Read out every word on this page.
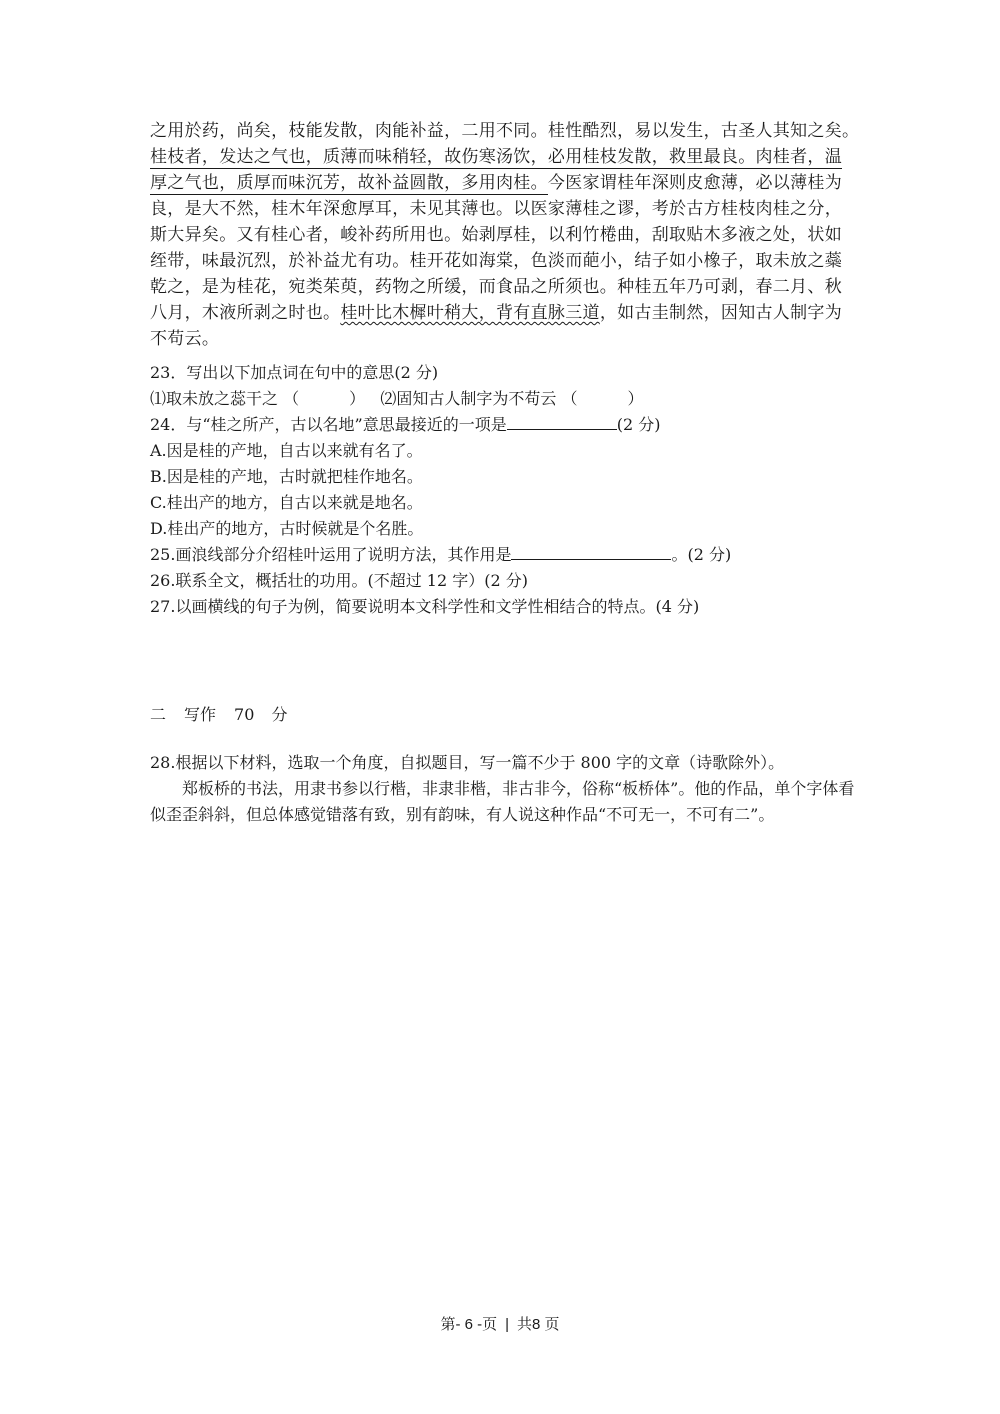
之用於药，尚矣，枝能发散，肉能补益，二用不同。桂性酷烈，易以发生，古圣人其知之矣。
桂枝者，发达之气也，质薄而味稍轻，故伤寒汤饮，必用桂枝发散，救里最良。肉桂者，温
厚之气也，质厚而味沉芳，故补益圆散，多用肉桂。今医家谓桂年深则皮愈薄，必以薄桂为
良，是大不然，桂木年深愈厚耳，未见其薄也。以医家薄桂之谬，考於古方桂枝肉桂之分，
斯大异矣。又有桂心者，峻补药所用也。始剥厚桂，以利竹棬曲，刮取贴木多液之处，状如
绖带，味最沉烈，於补益尤有功。桂开花如海棠，色淡而葩小，结子如小橡子，取未放之蘂
乾之，是为桂花，宛类茱萸，药物之所缓，而食品之所须也。种桂五年乃可剥，春二月、秋
八月，木液所剥之时也。桂叶比木樨叶稍大，背有直脉三道，如古圭制然，因知古人制字为
不苟云。
23．写出以下加点词在句中的意思(2 分)
⑴取未放之蕊干之 （	） ⑵固知古人制字为不苟云 （	）
24．与“桂之所产，古以名地”意思最接近的一项是	(2 分)
A.因是桂的产地，自古以来就有名了。
B.因是桂的产地，古时就把桂作地名。
C.桂出产的地方，自古以来就是地名。
D.桂出产的地方，古时候就是个名胜。
25.画浪线部分介绍桂叶运用了说明方法，其作用是	。(2 分)
26.联系全文，概括壮的功用。(不超过 12 字）(2 分)
27.以画横线的句子为例，简要说明本文科学性和文学性相结合的特点。(4 分)
二 写作 70 分
28.根据以下材料，选取一个角度，自拟题目，写一篇不少于 800 字的文章（诗歌除外）。
郑板桥的书法，用隶书参以行楷，非隶非楷，非古非今，俗称“板桥体”。他的作品，单个字体看似歪歪斜斜，但总体感觉错落有致，别有韵味，有人说这种作品“不可无一，不可有二”。
第- 6 -页 | 共8 页
